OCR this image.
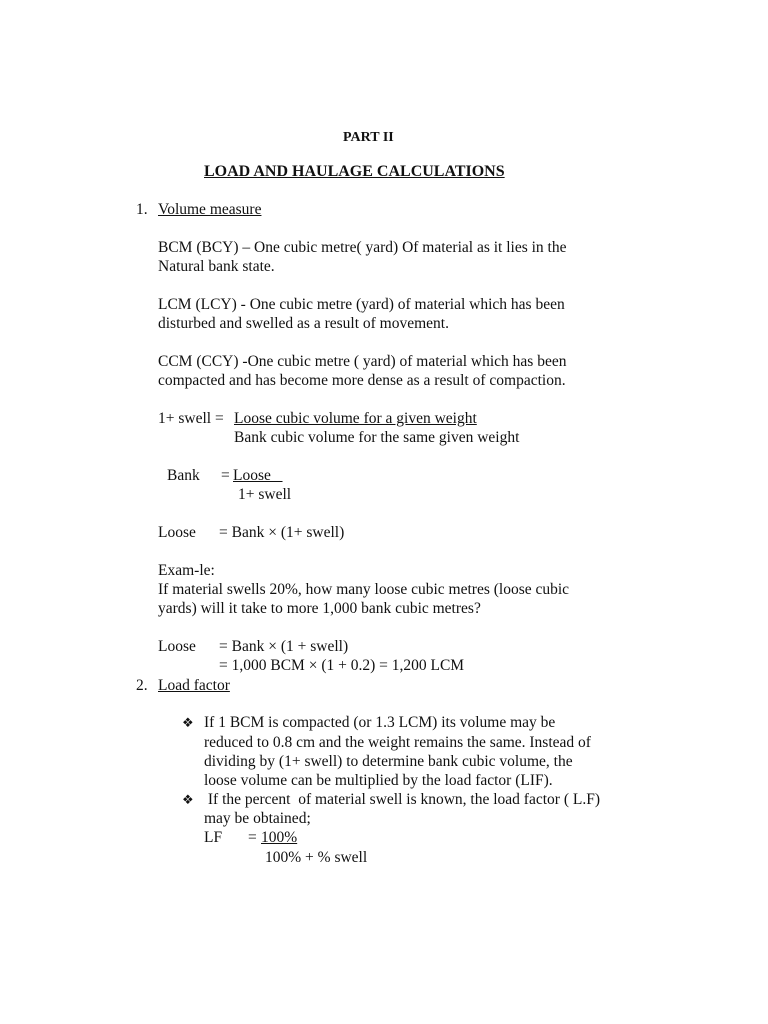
PART II
LOAD AND HAULAGE CALCULATIONS
1. Volume measure
BCM (BCY) – One cubic metre( yard) Of material as it lies in the
Natural bank state.
LCM (LCY) - One cubic metre (yard) of material which has been
disturbed and swelled as a result of movement.
CCM (CCY) -One cubic metre ( yard) of material which has been
compacted and has become more dense as a result of compaction.
1+ swell = Loose cubic volume for a given weight
Bank cubic volume for the same given weight
Bank = Loose
1+ swell
Loose = Bank × (1+ swell)
Exam-le:
If material swells 20%, how many loose cubic metres (loose cubic
yards) will it take to more 1,000 bank cubic metres?
Loose = Bank × (1 + swell)
= 1,000 BCM × (1 + 0.2) = 1,200 LCM
2. Load factor
❖ If 1 BCM is compacted (or 1.3 LCM) its volume may be
reduced to 0.8 cm and the weight remains the same. Instead of
dividing by (1+ swell) to determine bank cubic volume, the
loose volume can be multiplied by the load factor (LIF).
❖ If the percent  of material swell is known, the load factor ( L.F)
may be obtained;
LF = 100%
100% + % swell
